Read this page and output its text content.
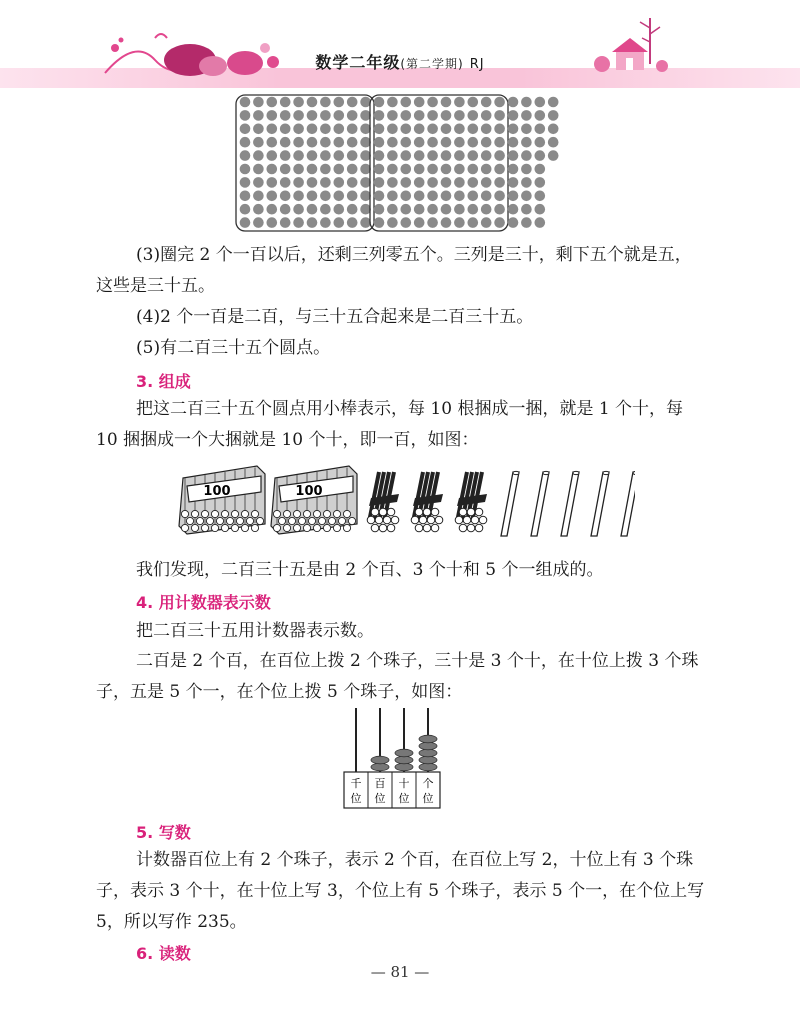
数学二年级(第二学期) RJ

(3)圈完 2 个一百以后，还剩三列零五个。三列是三十，剩下五个就是五，这些是三十五。

(4)2 个一百是二百，与三十五合起来是二百三十五。

(5)有二百三十五个圆点。

3. 组成

把这二百三十五个圆点用小棒表示，每 10 根捆成一捆，就是 1 个十，每 10 捆捆成一个大捆就是 10 个十，即一百，如图：

100	100

我们发现，二百三十五是由 2 个百、3 个十和 5 个一组成的。

4. 用计数器表示数

把二百三十五用计数器表示数。

二百是 2 个百，在百位上拨 2 个珠子，三十是 3 个十，在十位上拨 3 个珠子，五是 5 个一，在个位上拨 5 个珠子，如图：

千
位
百
位
十
位
个
位
5. 写数

计数器百位上有 2 个珠子，表示 2 个百，在百位上写 2，十位上有 3 个珠子，表示 3 个十，在十位上写 3，个位上有 5 个珠子，表示 5 个一，在个位上写 5，所以写作 235。

6. 读数
— 81 —
